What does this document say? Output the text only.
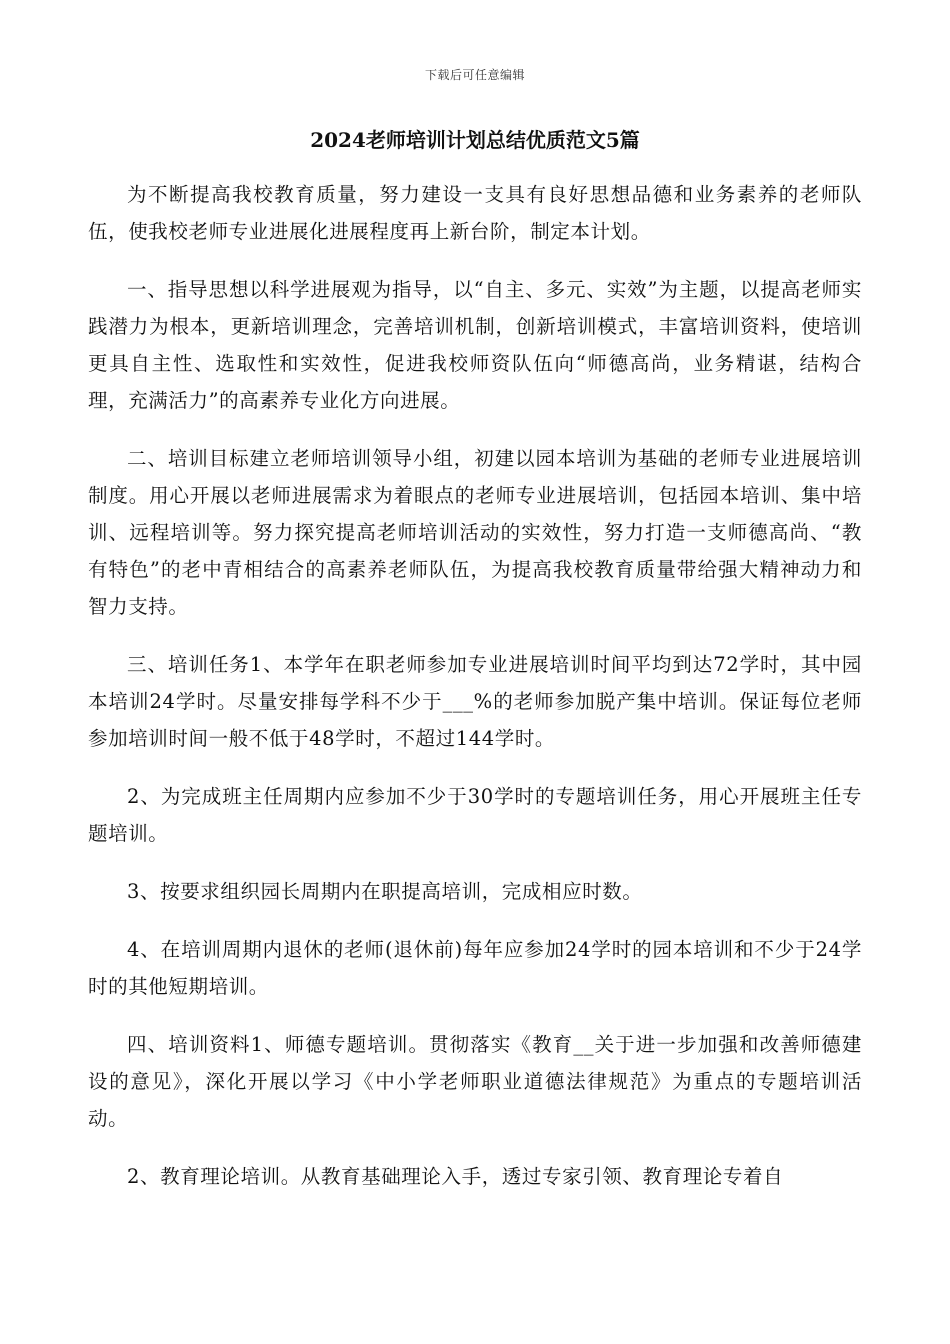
下载后可任意编辑
2024老师培训计划总结优质范文5篇

为不断提高我校教育质量，努力建设一支具有良好思想品德和业务素养的老师队伍，使我校老师专业进展化进展程度再上新台阶，制定本计划。

一、指导思想以科学进展观为指导，以“自主、多元、实效”为主题，以提高老师实践潜力为根本，更新培训理念，完善培训机制，创新培训模式，丰富培训资料，使培训更具自主性、选取性和实效性，促进我校师资队伍向“师德高尚，业务精谌，结构合理，充满活力”的高素养专业化方向进展。

二、培训目标建立老师培训领导小组，初建以园本培训为基础的老师专业进展培训制度。用心开展以老师进展需求为着眼点的老师专业进展培训，包括园本培训、集中培训、远程培训等。努力探究提高老师培训活动的实效性，努力打造一支师德高尚、“教有特色”的老中青相结合的高素养老师队伍，为提高我校教育质量带给强大精神动力和智力支持。

三、培训任务1、本学年在职老师参加专业进展培训时间平均到达72学时，其中园本培训24学时。尽量安排每学科不少于___%的老师参加脱产集中培训。保证每位老师参加培训时间一般不低于48学时，不超过144学时。

2、为完成班主任周期内应参加不少于30学时的专题培训任务，用心开展班主任专题培训。

3、按要求组织园长周期内在职提高培训，完成相应时数。

4、在培训周期内退休的老师(退休前)每年应参加24学时的园本培训和不少于24学时的其他短期培训。

四、培训资料1、师德专题培训。贯彻落实《教育__关于进一步加强和改善师德建设的意见》，深化开展以学习《中小学老师职业道德法律规范》为重点的专题培训活动。

2、教育理论培训。从教育基础理论入手，透过专家引领、教育理论专着自
